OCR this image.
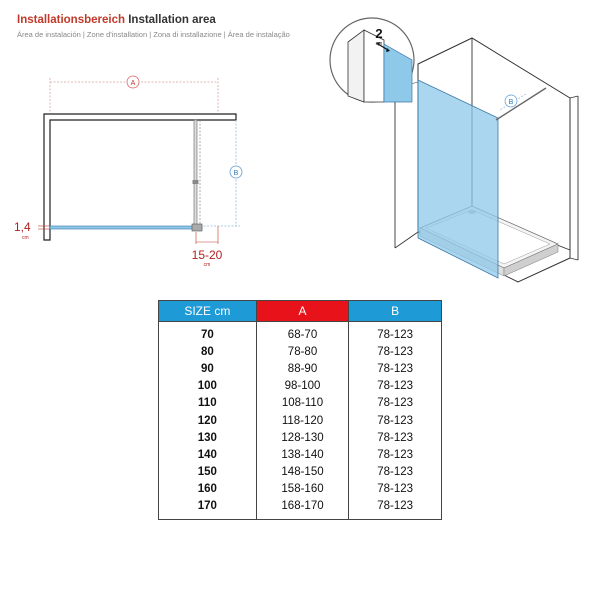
Installationsbereich Installation area
Área de instalación | Zone d'installation | Zona di installazione | Área de instalação
A
B
1,4
cm
15-20
cm
B
2
cm
SIZE cm	A	B
70	68-70	78-123
80	78-80	78-123
90	88-90	78-123
100	98-100	78-123
110	108-110	78-123
120	118-120	78-123
130	128-130	78-123
140	138-140	78-123
150	148-150	78-123
160	158-160	78-123
170	168-170	78-123
